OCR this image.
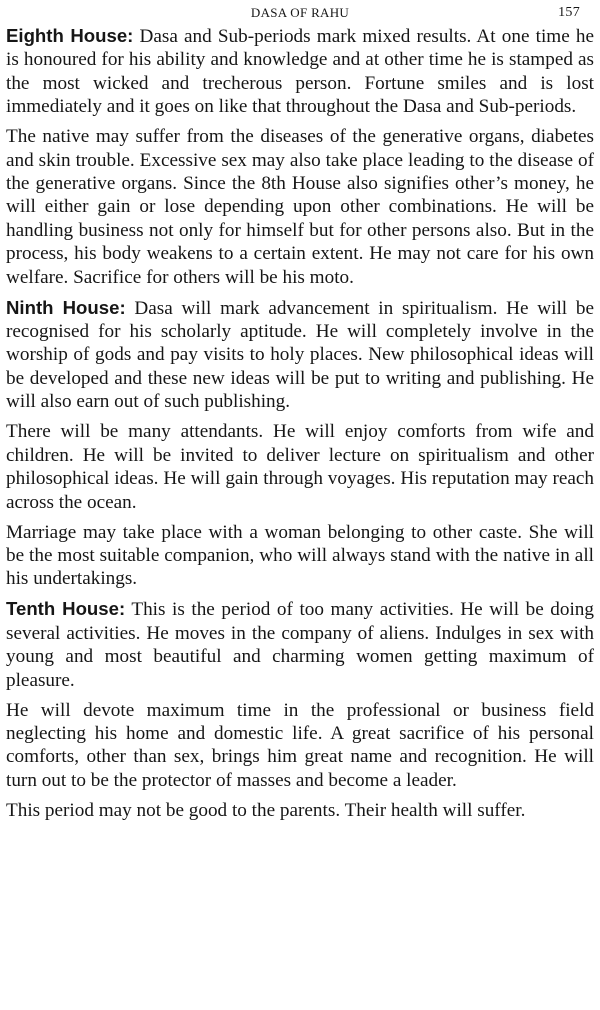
DASA OF RAHU	157

Eighth House: Dasa and Sub-periods mark mixed results. At one time he is honoured for his ability and knowledge and at other time he is stamped as the most wicked and trecherous person. Fortune smiles and is lost immediately and it goes on like that throughout the Dasa and Sub-periods.

The native may suffer from the diseases of the generative organs, diabetes and skin trouble. Excessive sex may also take place leading to the disease of the generative organs. Since the 8th House also signifies other’s money, he will either gain or lose depending upon other combinations. He will be handling business not only for himself but for other persons also. But in the process, his body weakens to a certain extent. He may not care for his own welfare. Sacrifice for others will be his moto.

Ninth House: Dasa will mark advancement in spiritualism. He will be recognised for his scholarly aptitude. He will completely involve in the worship of gods and pay visits to holy places. New philosophical ideas will be developed and these new ideas will be put to writing and publishing. He will also earn out of such publishing.

There will be many attendants. He will enjoy comforts from wife and children. He will be invited to deliver lecture on spiritualism and other philosophical ideas. He will gain through voyages. His reputation may reach across the ocean.

Marriage may take place with a woman belonging to other caste. She will be the most suitable companion, who will always stand with the native in all his undertakings.

Tenth House: This is the period of too many activities. He will be doing several activities. He moves in the company of aliens. Indulges in sex with young and most beautiful and charming women getting maximum of pleasure.

He will devote maximum time in the professional or business field neglecting his home and domestic life. A great sacrifice of his personal comforts, other than sex, brings him great name and recognition. He will turn out to be the protector of masses and become a leader.

This period may not be good to the parents. Their health will suffer.
